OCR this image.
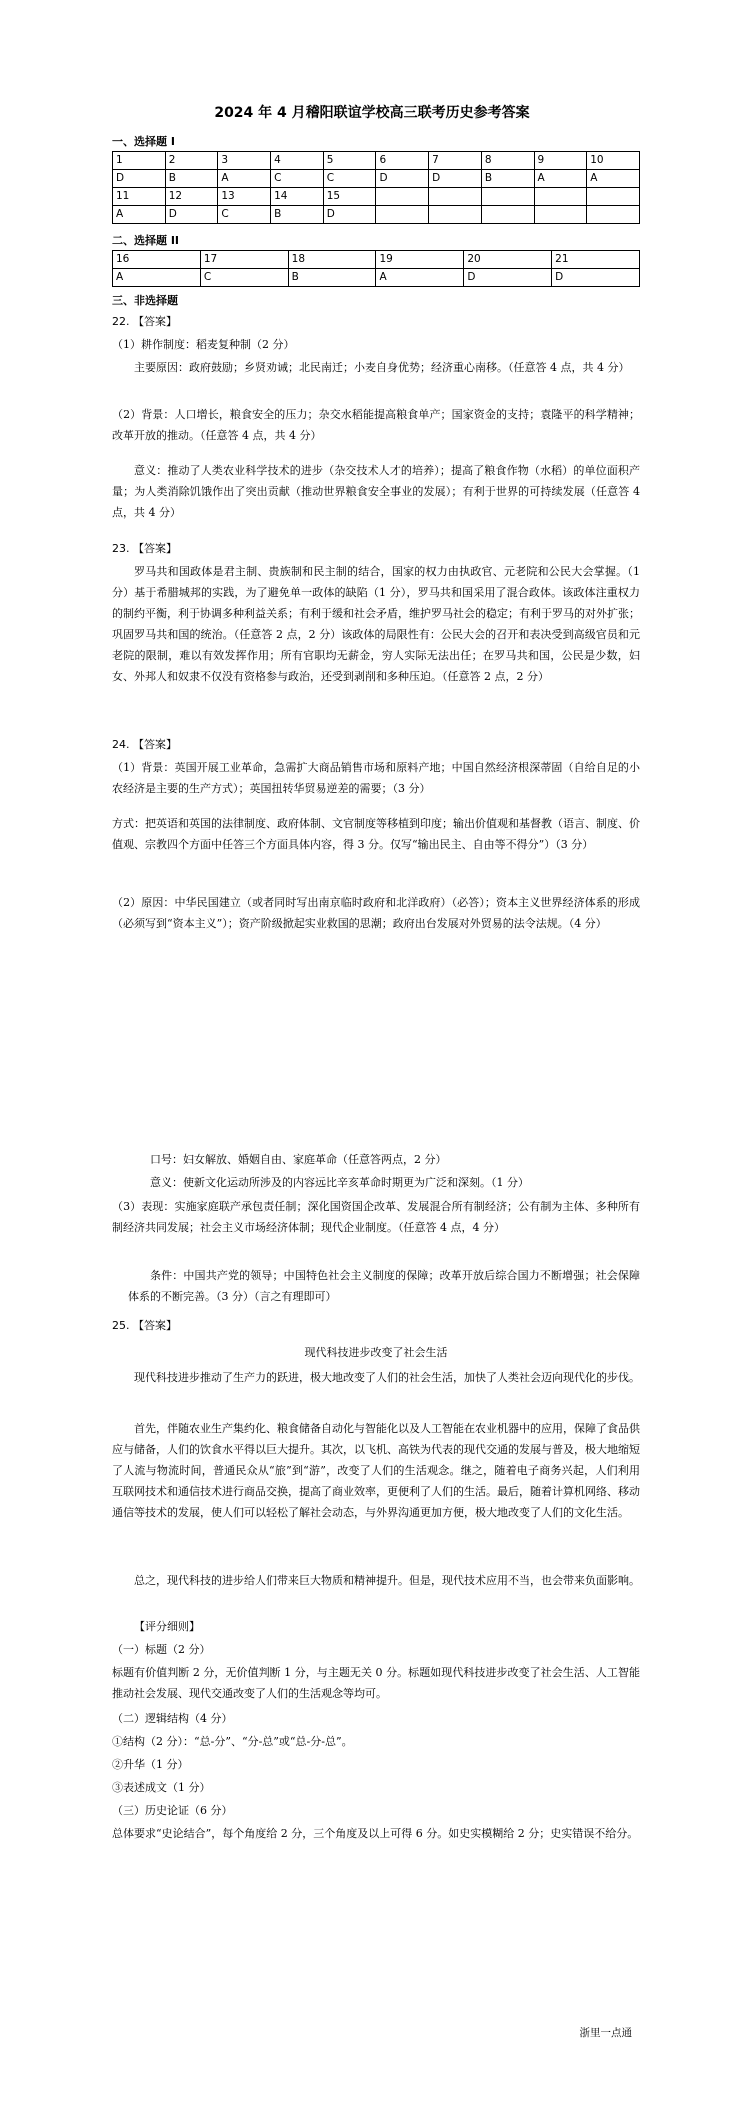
2024 年 4 月稽阳联谊学校高三联考历史参考答案
一、选择题 I
1	2	3	4	5	6	7	8	9	10
D	B	A	C	C	D	D	B	A	A
11	12	13	14	15					
A	D	C	B	D					
二、选择题 II
16	17	18	19	20	21
A	C	B	A	D	D
三、非选择题
22. 【答案】

（1）耕作制度：稻麦复种制（2 分）

主要原因：政府鼓励；乡贤劝诫；北民南迁；小麦自身优势；经济重心南移。（任意答 4 点，共 4 分）

（2）背景：人口增长，粮食安全的压力；杂交水稻能提高粮食单产；国家资金的支持；袁隆平的科学精神；改革开放的推动。（任意答 4 点，共 4 分）

意义：推动了人类农业科学技术的进步（杂交技术人才的培养）；提高了粮食作物（水稻）的单位面积产量；为人类消除饥饿作出了突出贡献（推动世界粮食安全事业的发展）；有利于世界的可持续发展（任意答 4 点，共 4 分）

23. 【答案】

罗马共和国政体是君主制、贵族制和民主制的结合，国家的权力由执政官、元老院和公民大会掌握。（1 分）基于希腊城邦的实践，为了避免单一政体的缺陷（1 分），罗马共和国采用了混合政体。该政体注重权力的制约平衡，利于协调多种利益关系；有利于缓和社会矛盾，维护罗马社会的稳定；有利于罗马的对外扩张；巩固罗马共和国的统治。（任意答 2 点，2 分）该政体的局限性有：公民大会的召开和表决受到高级官员和元老院的限制，难以有效发挥作用；所有官职均无薪金，穷人实际无法出任；在罗马共和国，公民是少数，妇女、外邦人和奴隶不仅没有资格参与政治，还受到剥削和多种压迫。（任意答 2 点，2 分）

24. 【答案】

（1）背景：英国开展工业革命，急需扩大商品销售市场和原料产地；中国自然经济根深蒂固（自给自足的小农经济是主要的生产方式）；英国扭转华贸易逆差的需要；（3 分）

方式：把英语和英国的法律制度、政府体制、文官制度等移植到印度；输出价值观和基督教（语言、制度、价值观、宗教四个方面中任答三个方面具体内容，得 3 分。仅写“输出民主、自由等不得分”）（3 分）

（2）原因：中华民国建立（或者同时写出南京临时政府和北洋政府）（必答）；资本主义世界经济体系的形成（必须写到“资本主义”）；资产阶级掀起实业救国的思潮；政府出台发展对外贸易的法令法规。（4 分）

口号：妇女解放、婚姻自由、家庭革命（任意答两点，2 分）

意义：使新文化运动所涉及的内容远比辛亥革命时期更为广泛和深刻。（1 分）

（3）表现：实施家庭联产承包责任制；深化国资国企改革、发展混合所有制经济；公有制为主体、多种所有制经济共同发展；社会主义市场经济体制；现代企业制度。（任意答 4 点，4 分）

条件：中国共产党的领导；中国特色社会主义制度的保障；改革开放后综合国力不断增强；社会保障体系的不断完善。（3 分）（言之有理即可）

25. 【答案】

现代科技进步改变了社会生活

现代科技进步推动了生产力的跃进，极大地改变了人们的社会生活，加快了人类社会迈向现代化的步伐。

首先，伴随农业生产集约化、粮食储备自动化与智能化以及人工智能在农业机器中的应用，保障了食品供应与储备，人们的饮食水平得以巨大提升。其次，以飞机、高铁为代表的现代交通的发展与普及，极大地缩短了人流与物流时间，普通民众从“旅”到“游”，改变了人们的生活观念。继之，随着电子商务兴起，人们利用互联网技术和通信技术进行商品交换，提高了商业效率，更便利了人们的生活。最后，随着计算机网络、移动通信等技术的发展，使人们可以轻松了解社会动态，与外界沟通更加方便，极大地改变了人们的文化生活。

总之，现代科技的进步给人们带来巨大物质和精神提升。但是，现代技术应用不当，也会带来负面影响。

【评分细则】

（一）标题（2 分）

标题有价值判断 2 分，无价值判断 1 分，与主题无关 0 分。标题如现代科技进步改变了社会生活、人工智能推动社会发展、现代交通改变了人们的生活观念等均可。

（二）逻辑结构（4 分）

①结构（2 分）：“总-分”、“分-总”或“总-分-总”。

②升华（1 分）

③表述成文（1 分）

（三）历史论证（6 分）

总体要求“史论结合”，每个角度给 2 分，三个角度及以上可得 6 分。如史实模糊给 2 分；史实错误不给分。

浙里一点通
